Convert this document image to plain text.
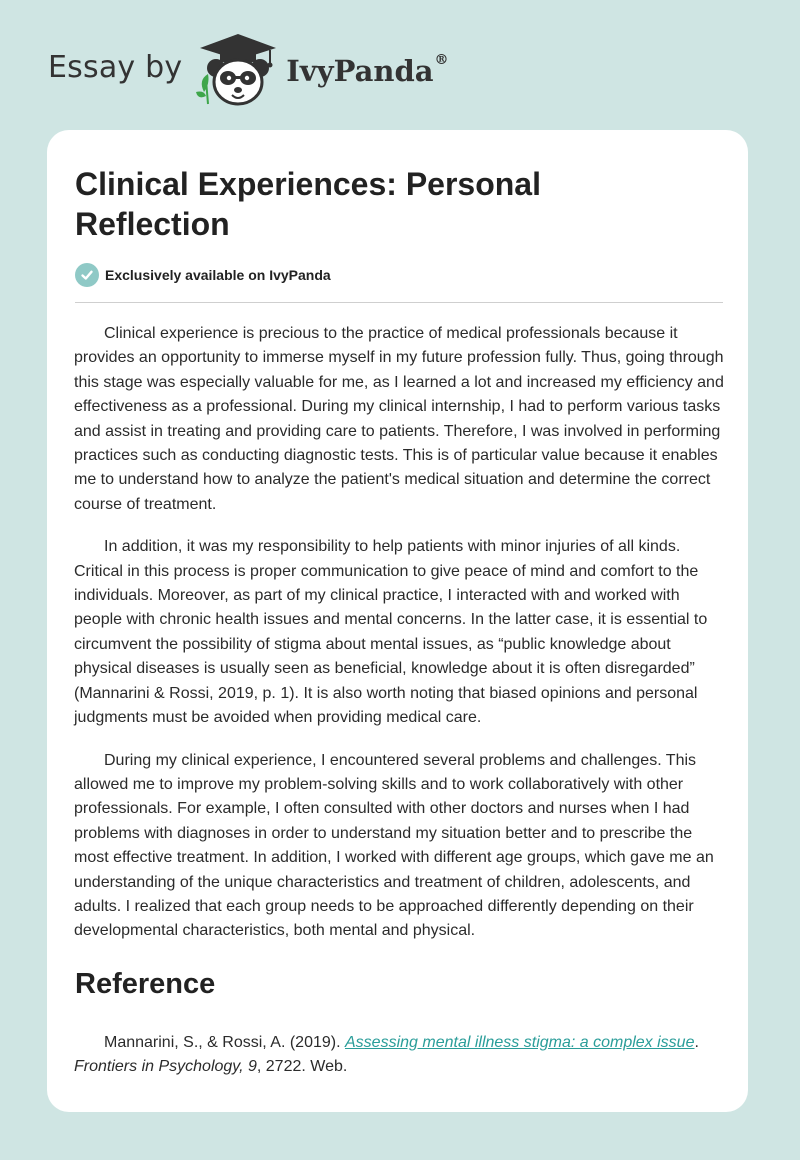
Essay by	IvyPanda®
Clinical Experiences: Personal Reflection
Exclusively available on IvyPanda

Clinical experience is precious to the practice of medical professionals because it provides an opportunity to immerse myself in my future profession fully. Thus, going through this stage was especially valuable for me, as I learned a lot and increased my efficiency and effectiveness as a professional. During my clinical internship, I had to perform various tasks and assist in treating and providing care to patients. Therefore, I was involved in performing practices such as conducting diagnostic tests. This is of particular value because it enables me to understand how to analyze the patient's medical situation and determine the correct course of treatment.

In addition, it was my responsibility to help patients with minor injuries of all kinds. Critical in this process is proper communication to give peace of mind and comfort to the individuals. Moreover, as part of my clinical practice, I interacted with and worked with people with chronic health issues and mental concerns. In the latter case, it is essential to circumvent the possibility of stigma about mental issues, as “public knowledge about physical diseases is usually seen as beneficial, knowledge about it is often disregarded” (Mannarini & Rossi, 2019, p. 1). It is also worth noting that biased opinions and personal judgments must be avoided when providing medical care.

During my clinical experience, I encountered several problems and challenges. This allowed me to improve my problem-solving skills and to work collaboratively with other professionals. For example, I often consulted with other doctors and nurses when I had problems with diagnoses in order to understand my situation better and to prescribe the most effective treatment. In addition, I worked with different age groups, which gave me an understanding of the unique characteristics and treatment of children, adolescents, and adults. I realized that each group needs to be approached differently depending on their developmental characteristics, both mental and physical.

Reference

Mannarini, S., & Rossi, A. (2019). Assessing mental illness stigma: a complex issue. Frontiers in Psychology, 9, 2722. Web.
